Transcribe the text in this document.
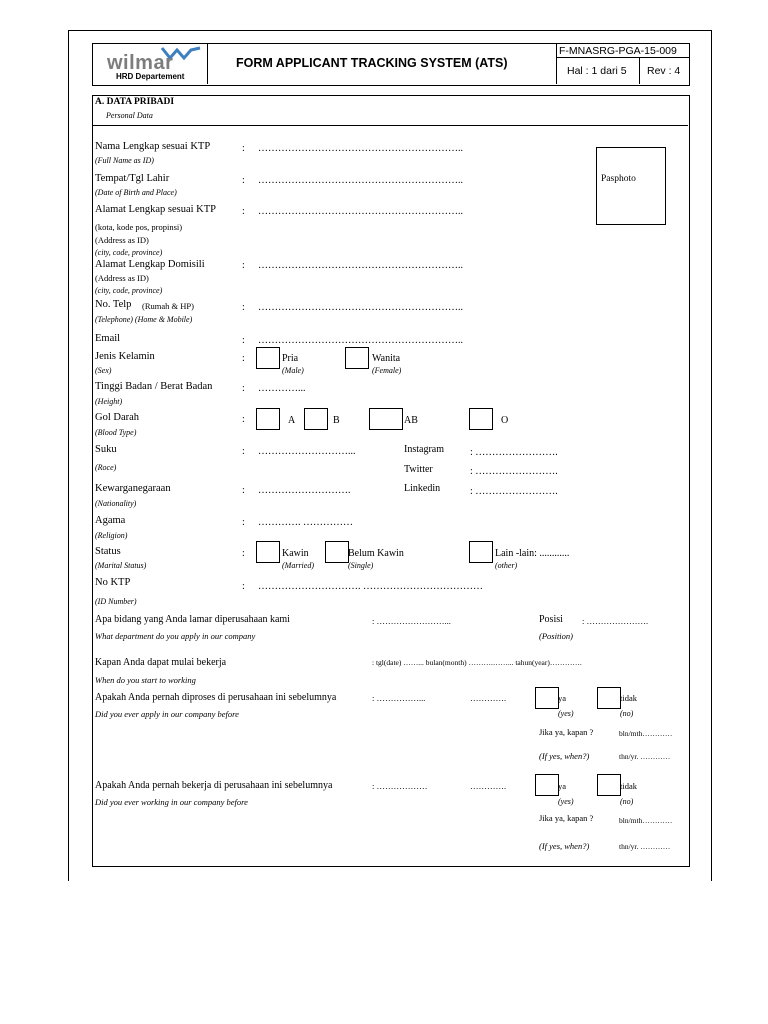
wilmar
HRD Departement
FORM APPLICANT TRACKING SYSTEM (ATS)
F-MNASRG-PGA-15-009
Hal : 1 dari 5 Rev : 4
A. DATA PRIBADI
Personal Data
Pasphoto
Nama Lengkap sesuai KTP
(Full Name as ID)
: ……………………………………………………..
Tempat/Tgl Lahir
(Date of Birth and Place)
: ……………………………………………………..
Alamat Lengkap sesuai KTP
(kota, kode pos, propinsi)
(Address as ID)
(city, code, province)
: ……………………………………………………..
Alamat Lengkap Domisili
(Address as ID)
(city, code, province)
: ……………………………………………………..
No. Telp (Rumah & HP)
(Telephone) (Home & Mobile)
: ……………………………………………………..
Email	: ……………………………………………………..
Jenis Kelamin
(Sex)
:	Pria
(Male)
Wanita
(Female)
Tinggi Badan / Berat Badan
(Height)
: …………...
Gol Darah
(Blood Type)
:	A	B	AB	O
Suku
(Roce)
: ………………………...	Instagram	: …………………….
Twitter	: …………………….
Linkedin	: …………………….
Kewarganegaraan
(Nationality)
: ……………………….
Agama
(Religion)
: …………. ……………
Status
(Marital Status)
:	Kawin
(Married)
Belum Kawin
(Single)
Lain -lain: ............
(other)
No KTP
(ID Number)
: …………………………. ………………………………
Apa bidang yang Anda lamar diperusahaan kami
What department do you apply in our company
: ……………………...	Posisi : ………………….
(Position)
Kapan Anda dapat mulai bekerja
When do you start to working
: tgl(date) ……... bulan(month) ……….……... tahun(year)………….
Apakah Anda pernah diproses di perusahaan ini sebelumnya
Did you ever apply in our company before
: ……………...	………….	ya
(yes)
tidak
(no)
Jika ya, kapan ?	bln/mth…………
(If yes, when?)	thn/yr. …………
Apakah Anda pernah bekerja di perusahaan ini sebelumnya
Did you ever working in our company before
: ………………	………….	ya
(yes)
tidak
(no)
Jika ya, kapan ?	bln/mth…………
(If yes, when?)	thn/yr. …………
